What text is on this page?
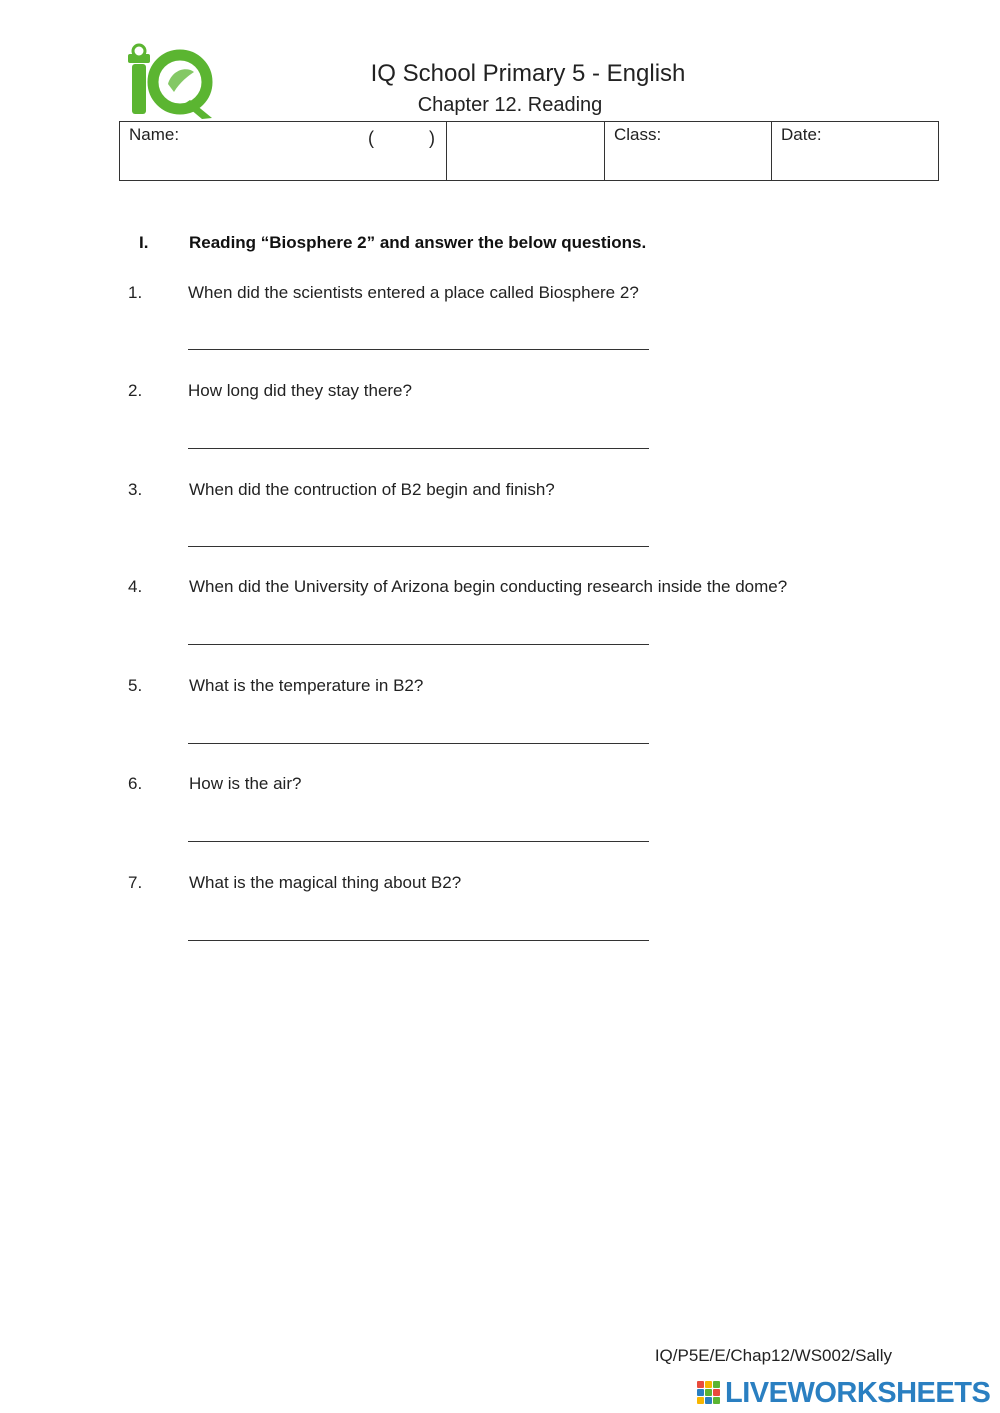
IQ School Primary 5 - English
Chapter 12. Reading
Name:	(	)		Class:	Date:
I. Reading “Biosphere 2” and answer the below questions.
1.	When did the scientists entered a place called Biosphere 2?
2.	How long did they stay there?
3.	When did the contruction of B2 begin and finish?
4.	When did the University of Arizona begin conducting research inside the dome?
5.	What is the temperature in B2?
6.	How is the air?
7.	What is the magical thing about B2?
IQ/P5E/E/Chap12/WS002/Sally
LIVEWORKSHEETS
